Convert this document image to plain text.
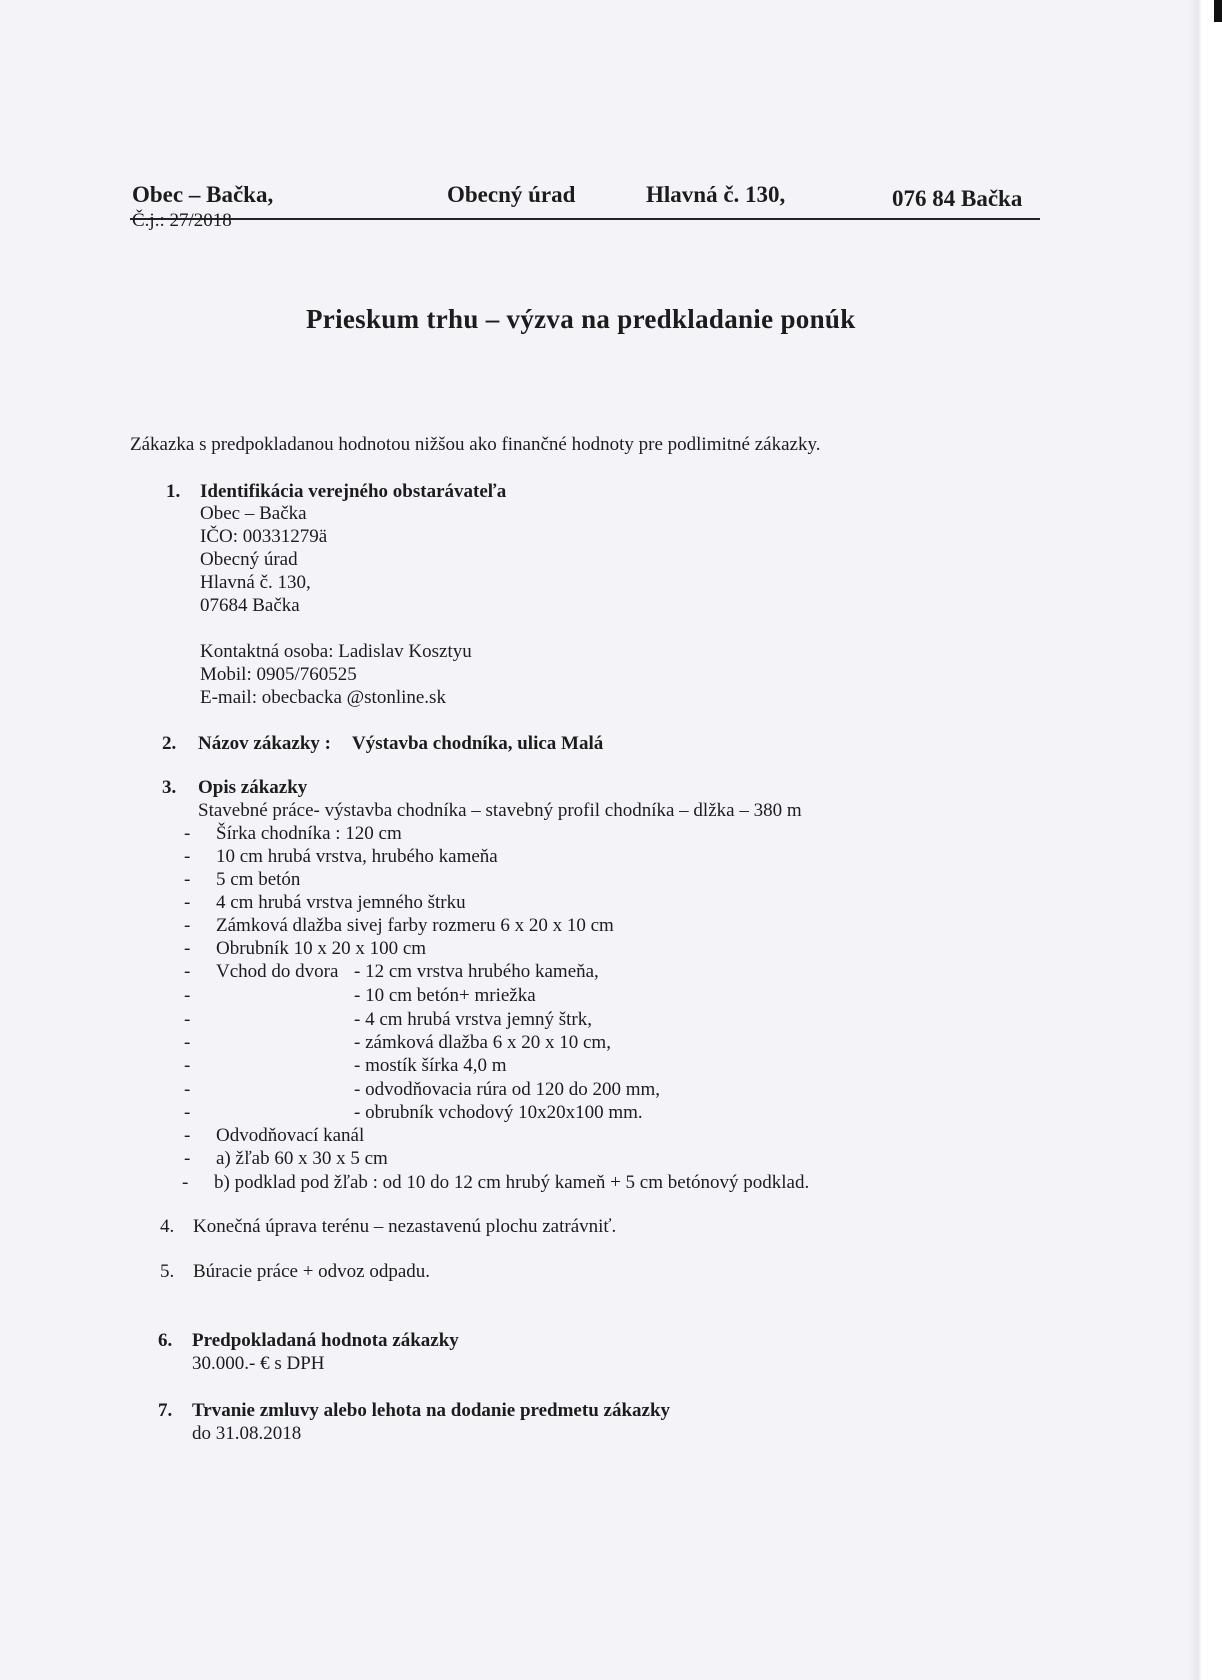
Obec – Bačka,	Obecný úrad	Hlavná č. 130,	076 84 Bačka
Č.j.: 27/2018
Prieskum trhu – výzva na predkladanie ponúk
Zákazka s predpokladanou hodnotou nižšou ako finančné hodnoty pre podlimitné zákazky.
1. Identifikácia verejného obstarávateľa
Obec – Bačka
IČO: 00331279ä
Obecný úrad
Hlavná č. 130,
07684 Bačka
Kontaktná osoba: Ladislav Kosztyu
Mobil: 0905/760525
E-mail: obecbacka @stonline.sk
2. Názov zákazky : Výstavba chodníka, ulica Malá
3. Opis zákazky
Stavebné práce- výstavba chodníka – stavebný profil chodníka – dlžka – 380 m
- Šírka chodníka : 120 cm
- 10 cm hrubá vrstva, hrubého kameňa
- 5 cm betón
- 4 cm hrubá vrstva jemného štrku
- Zámková dlažba sivej farby rozmeru 6 x 20 x 10 cm
- Obrubník 10 x 20 x 100 cm
- Vchod do dvora - 12 cm vrstva hrubého kameňa,
-	- 10 cm betón+ mriežka
-	- 4 cm hrubá vrstva jemný štrk,
-	- zámková dlažba 6 x 20 x 10 cm,
-	- mostík šírka 4,0 m
-	- odvodňovacia rúra od 120 do 200 mm,
-	- obrubník vchodový 10x20x100 mm.
- Odvodňovací kanál
- a) žľab 60 x 30 x 5 cm
- b) podklad pod žľab : od 10 do 12 cm hrubý kameň + 5 cm betónový podklad.
4. Konečná úprava terénu – nezastavenú plochu zatrávniť.
5. Búracie práce + odvoz odpadu.
6. Predpokladaná hodnota zákazky
30.000.- € s DPH
7. Trvanie zmluvy alebo lehota na dodanie predmetu zákazky
do 31.08.2018
